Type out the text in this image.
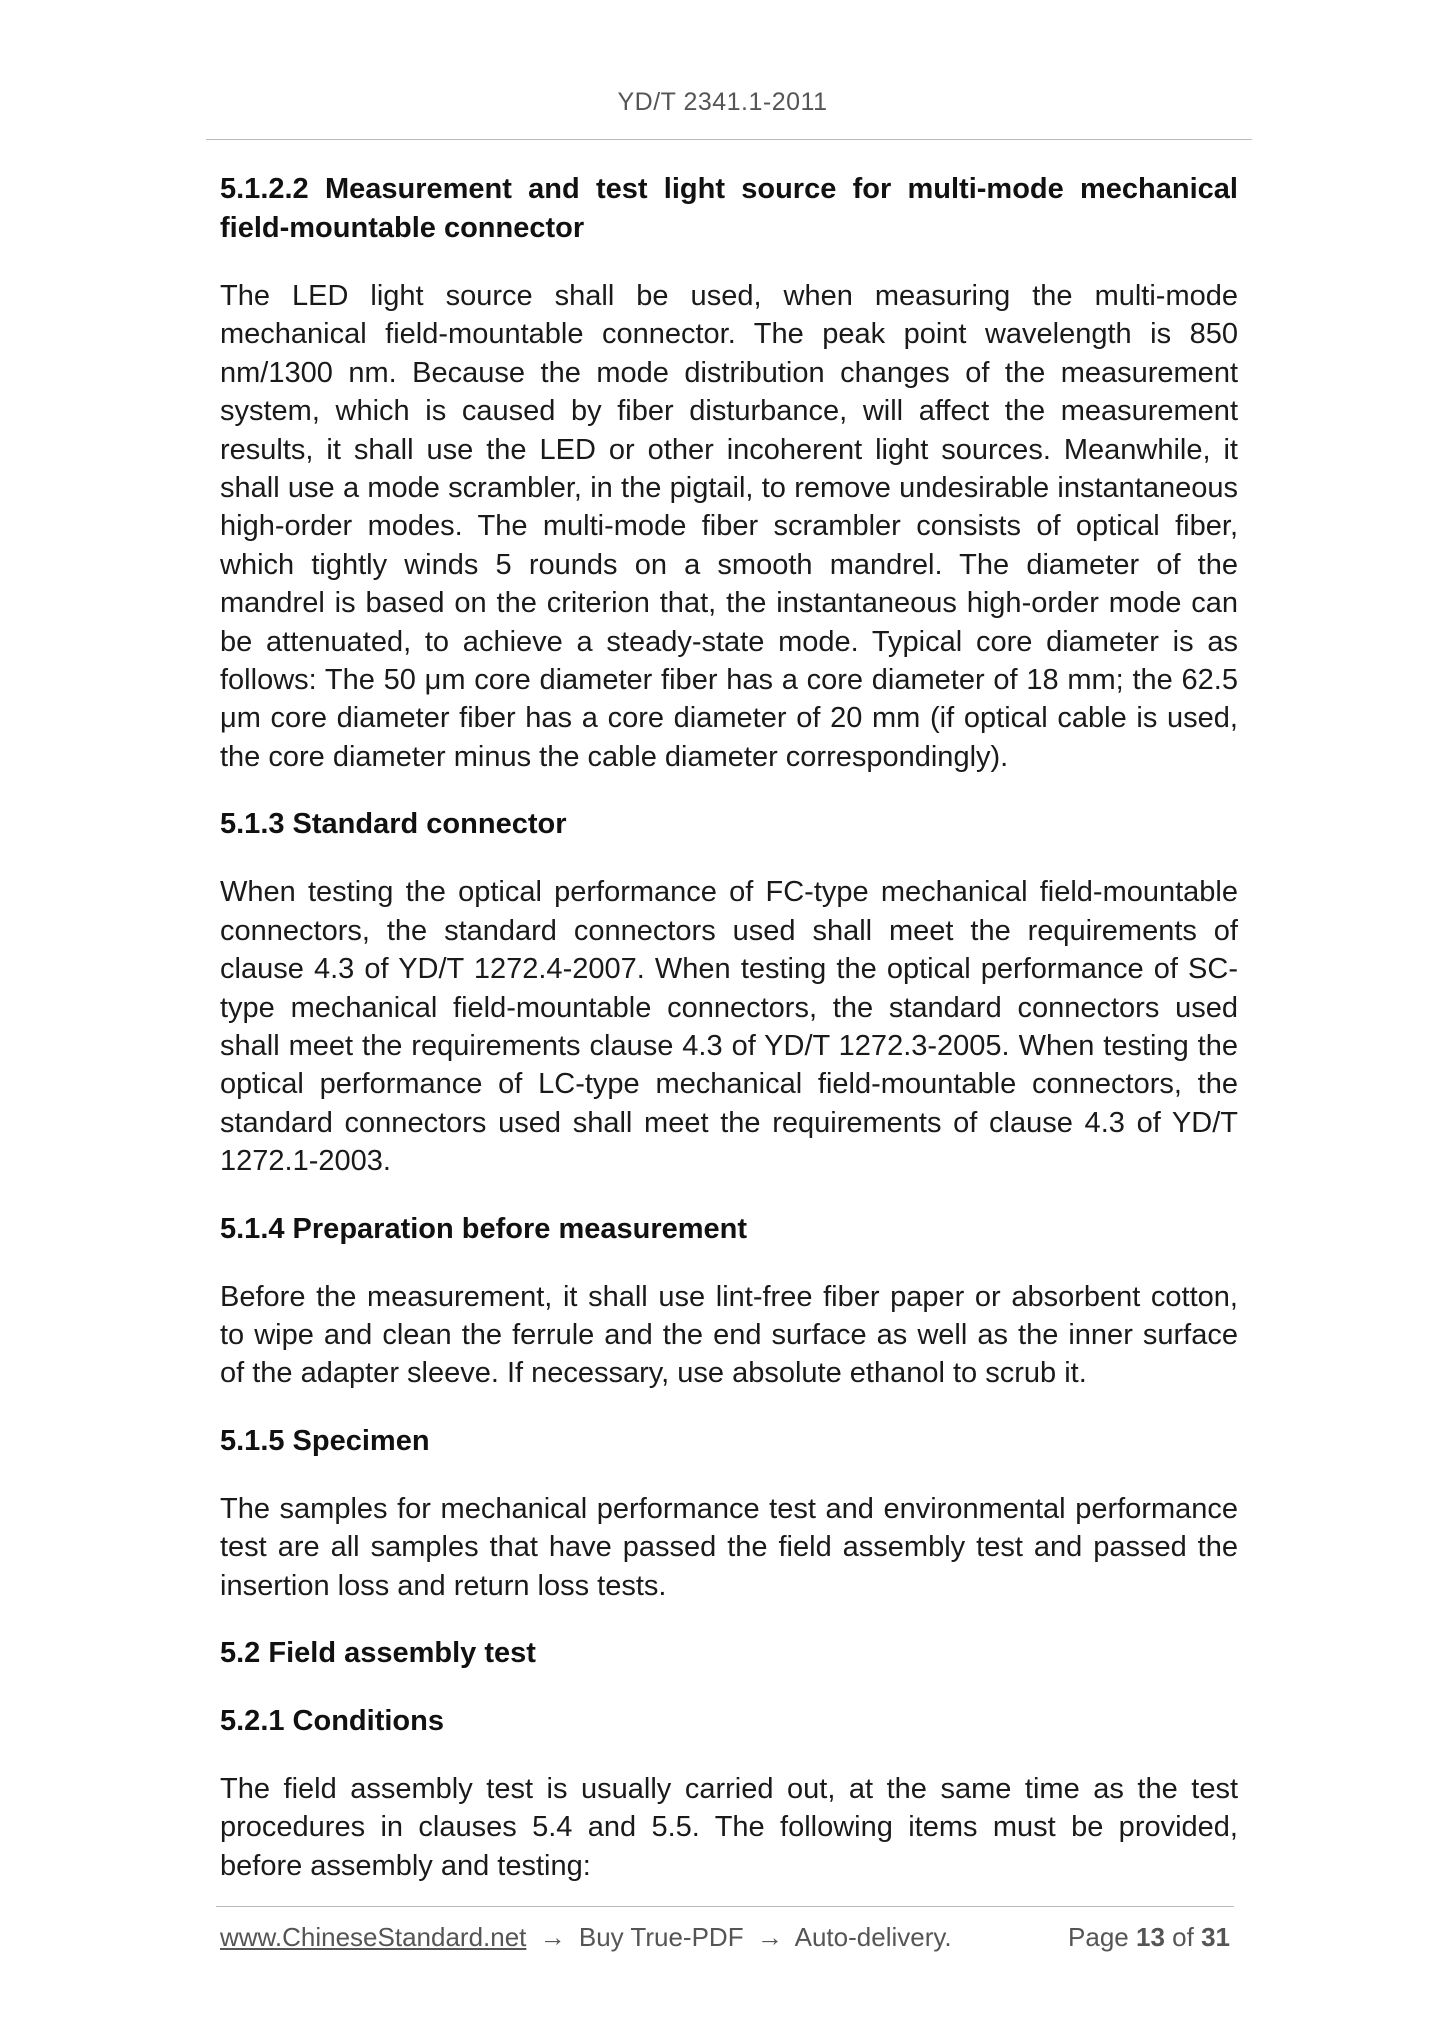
YD/T 2341.1-2011
5.1.2.2 Measurement and test light source for multi-mode mechanical field-mountable connector

The LED light source shall be used, when measuring the multi-mode mechanical field-mountable connector. The peak point wavelength is 850 nm/1300 nm. Because the mode distribution changes of the measurement system, which is caused by fiber disturbance, will affect the measurement results, it shall use the LED or other incoherent light sources. Meanwhile, it shall use a mode scrambler, in the pigtail, to remove undesirable instantaneous high-order modes. The multi-mode fiber scrambler consists of optical fiber, which tightly winds 5 rounds on a smooth mandrel. The diameter of the mandrel is based on the criterion that, the instantaneous high-order mode can be attenuated, to achieve a steady-state mode. Typical core diameter is as follows: The 50 μm core diameter fiber has a core diameter of 18 mm; the 62.5 μm core diameter fiber has a core diameter of 20 mm (if optical cable is used, the core diameter minus the cable diameter correspondingly).

5.1.3 Standard connector

When testing the optical performance of FC-type mechanical field-mountable connectors, the standard connectors used shall meet the requirements of clause 4.3 of YD/T 1272.4-2007. When testing the optical performance of SC-type mechanical field-mountable connectors, the standard connectors used shall meet the requirements clause 4.3 of YD/T 1272.3-2005. When testing the optical performance of LC-type mechanical field-mountable connectors, the standard connectors used shall meet the requirements of clause 4.3 of YD/T 1272.1-2003.

5.1.4 Preparation before measurement

Before the measurement, it shall use lint-free fiber paper or absorbent cotton, to wipe and clean the ferrule and the end surface as well as the inner surface of the adapter sleeve. If necessary, use absolute ethanol to scrub it.

5.1.5 Specimen

The samples for mechanical performance test and environmental performance test are all samples that have passed the field assembly test and passed the insertion loss and return loss tests.

5.2 Field assembly test
5.2.1 Conditions

The field assembly test is usually carried out, at the same time as the test procedures in clauses 5.4 and 5.5. The following items must be provided, before assembly and testing:

www.ChineseStandard.net → Buy True-PDF → Auto-delivery.	Page 13 of 31
